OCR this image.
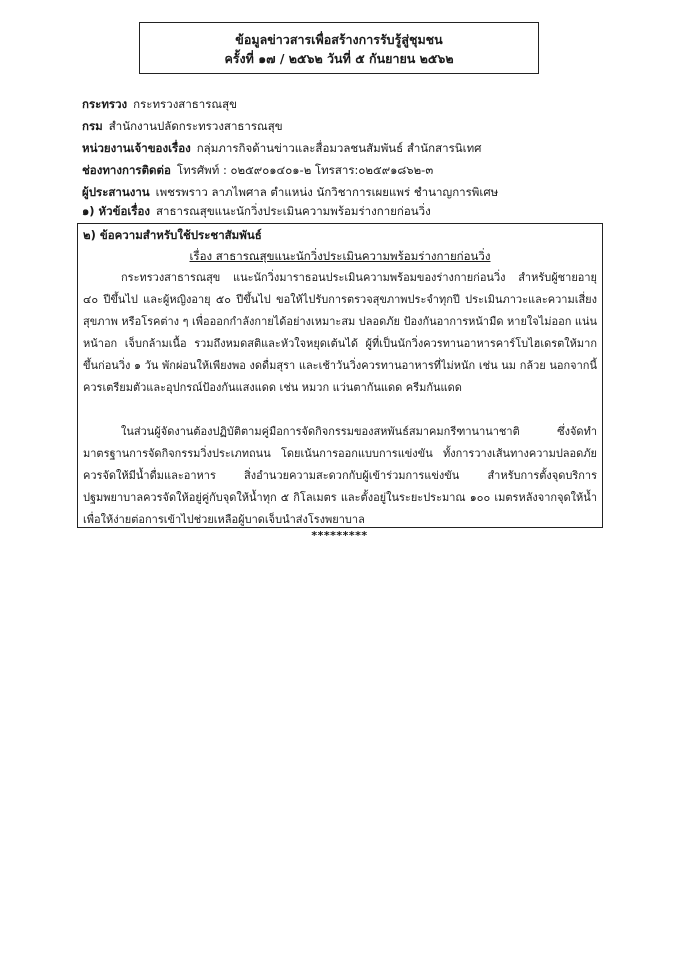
ข้อมูลข่าวสารเพื่อสร้างการรับรู้สู่ชุมชน
ครั้งที่ ๑๗ / ๒๕๖๒ วันที่ ๕ กันยายน ๒๕๖๒
กระทรวง กระทรวงสาธารณสุข
กรม สำนักงานปลัดกระทรวงสาธารณสุข
หน่วยงานเจ้าของเรื่อง กลุ่มภารกิจด้านข่าวและสื่อมวลชนสัมพันธ์ สำนักสารนิเทศ
ช่องทางการติดต่อ โทรศัพท์ : ๐๒๕๙๐๑๔๐๑-๒ โทรสาร:๐๒๕๙๑๘๖๒-๓
ผู้ประสานงาน เพชรพราว ลาภไพศาล ตำแหน่ง นักวิชาการเผยแพร่ ชำนาญการพิเศษ
๑) หัวข้อเรื่อง สาธารณสุขแนะนักวิ่งประเมินความพร้อมร่างกายก่อนวิ่ง
๒) ข้อความสำหรับใช้ประชาสัมพันธ์
เรื่อง สาธารณสุขแนะนักวิ่งประเมินความพร้อมร่างกายก่อนวิ่ง
กระทรวงสาธารณสุข แนะนักวิ่งมาราธอนประเมินความพร้อมของร่างกายก่อนวิ่ง สำหรับผู้ชายอายุ ๔๐ ปีขึ้นไป และผู้หญิงอายุ ๕๐ ปีขึ้นไป ขอให้ไปรับการตรวจสุขภาพประจำทุกปี ประเมินภาวะและความเสี่ยงสุขภาพ หรือโรคต่าง ๆ เพื่อออกกำลังกายได้อย่างเหมาะสม ปลอดภัย ป้องกันอาการหน้ามืด หายใจไม่ออก แน่นหน้าอก เจ็บกล้ามเนื้อ รวมถึงหมดสติและหัวใจหยุดเต้นได้ ผู้ที่เป็นนักวิ่งควรทานอาหารคาร์โบไฮเดรตให้มากขึ้นก่อนวิ่ง ๑ วัน พักผ่อนให้เพียงพอ งดดื่มสุรา และเช้าวันวิ่งควรทานอาหารที่ไม่หนัก เช่น นม กล้วย นอกจากนี้ ควรเตรียมตัวและอุปกรณ์ป้องกันแสงแดด เช่น หมวก แว่นตากันแดด ครีมกันแดด
ในส่วนผู้จัดงานต้องปฏิบัติตามคู่มือการจัดกิจกรรมของสหพันธ์สมาคมกรีฑานานาชาติ ซึ่งจัดทำมาตรฐานการจัดกิจกรรมวิ่งประเภทถนน โดยเน้นการออกแบบการแข่งขัน ทั้งการวางเส้นทางความปลอดภัย ควรจัดให้มีน้ำดื่มและอาหาร สิ่งอำนวยความสะดวกกับผู้เข้าร่วมการแข่งขัน สำหรับการตั้งจุดบริการปฐมพยาบาลควรจัดให้อยู่คู่กับจุดให้น้ำทุก ๕ กิโลเมตร และตั้งอยู่ในระยะประมาณ ๑๐๐ เมตรหลังจากจุดให้น้ำ เพื่อให้ง่ายต่อการเข้าไปช่วยเหลือผู้บาดเจ็บนำส่งโรงพยาบาล
*********
